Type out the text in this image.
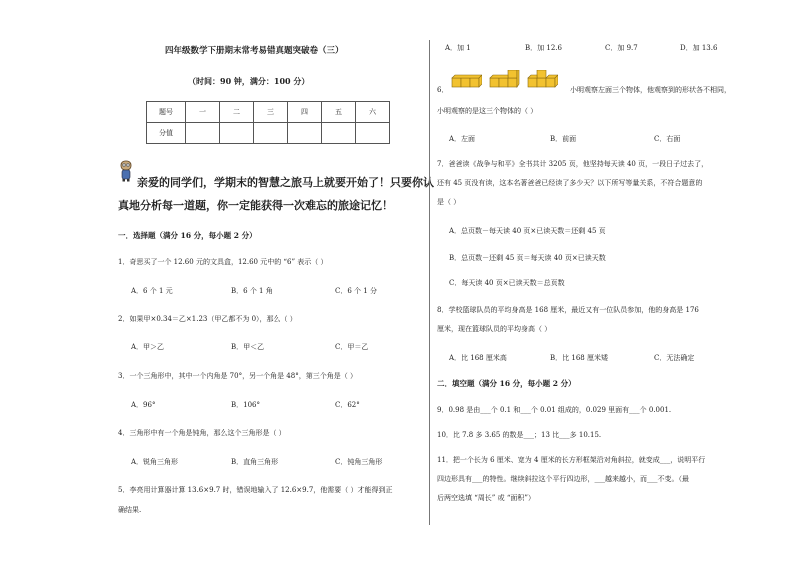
四年级数学下册期末常考易错真题突破卷（三）
（时间：90 钟，满分：100 分）
题号	一	二	三	四	五	六
分值						
亲爱的同学们，学期末的智慧之旅马上就要开始了！只要你认
真地分析每一道题，你一定能获得一次难忘的旅途记忆！
一．选择题（满分 16 分，每小题 2 分）
1．奇思买了一个 12.60 元的文具盒，12.60 元中的 “6” 表示（ ）
A．6 个 1 元	B．6 个 1 角	C．6 个 1 分
2．如果甲×0.34＝乙×1.23（甲乙都不为 0），那么（ ）
A．甲＞乙	B．甲＜乙	C．甲＝乙
3．一个三角形中，其中一个内角是 70°，另一个角是 48°，第三个角是（ ）
A．96°	B．106°	C．62°
4．三角形中有一个角是钝角，那么这个三角形是（ ）
A．锐角三角形	B．直角三角形	C．钝角三角形
5．李亮用计算器计算 13.6×9.7 时，错误地输入了 12.6×9.7，他需要（ ）才能得到正
确结果.
A．加 1	B．加 12.6	C．加 9.7	D．加 13.6
6．	小明观察左面三个物体，他观察到的形状各不相同，
小明观察的是这三个物体的（ ）
A．左面	B．前面	C．右面
7．爸爸读《战争与和平》全书共计 3205 页，他坚持每天读 40 页，一段日子过去了，
还有 45 页没有读，这本名著爸爸已经读了多少天？以下所写等量关系，不符合题意的
是（ ）
A．总页数－每天读 40 页×已读天数＝还剩 45 页
B．总页数－还剩 45 页＝每天读 40 页×已读天数
C．每天读 40 页×已读天数＝总页数
8．学校篮球队员的平均身高是 168 厘米，最近又有一位队员参加，他的身高是 176
厘米，现在篮球队员的平均身高（ ）
A．比 168 厘米高	B．比 168 厘米矮	C．无法确定
二．填空题（满分 16 分，每小题 2 分）
9．0.98 是由___个 0.1 和___个 0.01 组成的，0.029 里面有___个 0.001.
10．比 7.8 多 3.65 的数是___；13 比___多 10.15.
11．把一个长为 6 厘米、宽为 4 厘米的长方形框架沿对角斜拉，就变成___，说明平行
四边形具有___的特性。继续斜拉这个平行四边形，___越来越小，而___不变。（最
后两空选填 “周长” 或 “面积”）
